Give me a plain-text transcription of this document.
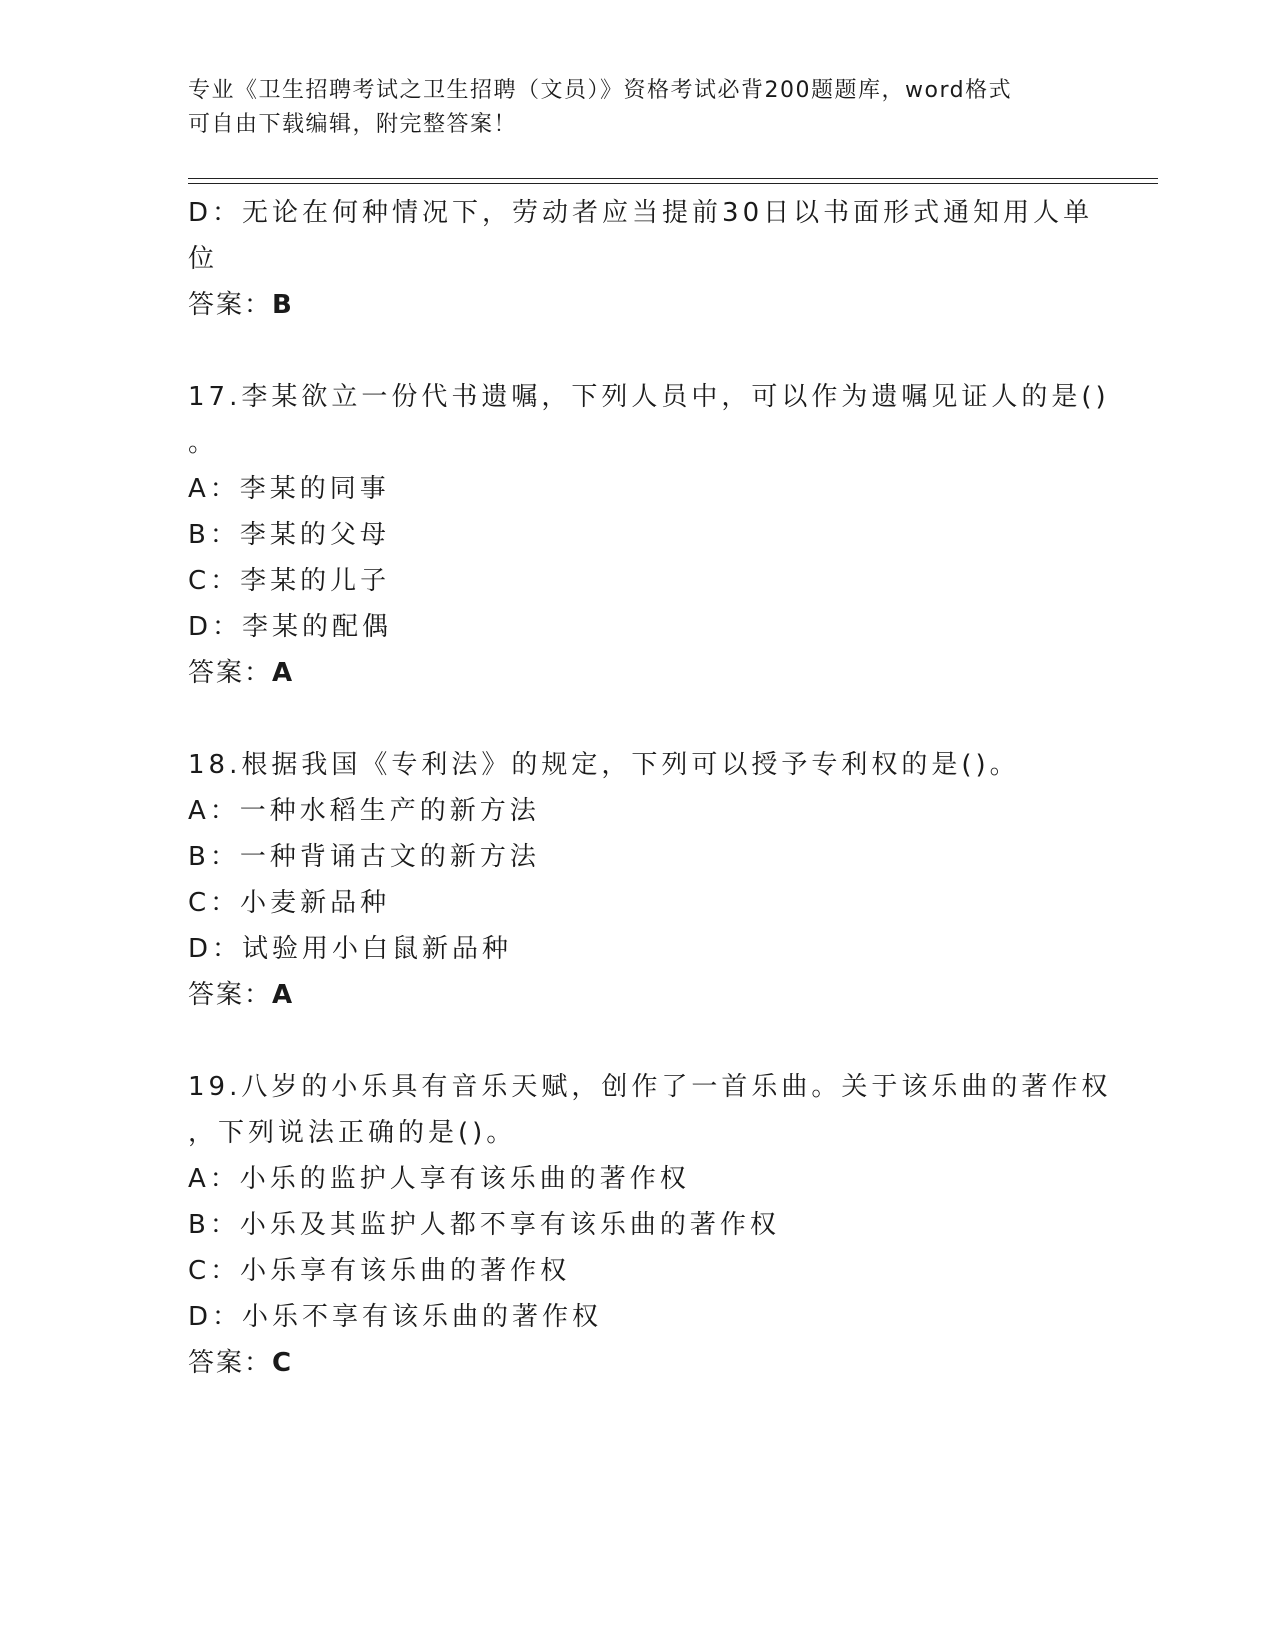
专业《卫生招聘考试之卫生招聘（文员）》资格考试必背200题题库，word格式
可自由下载编辑，附完整答案！
D：无论在何种情况下，劳动者应当提前30日以书面形式通知用人单
位
答案：B
17.李某欲立一份代书遗嘱，下列人员中，可以作为遗嘱见证人的是()
。
A：李某的同事
B：李某的父母
C：李某的儿子
D：李某的配偶
答案：A
18.根据我国《专利法》的规定，下列可以授予专利权的是()。
A：一种水稻生产的新方法
B：一种背诵古文的新方法
C：小麦新品种
D：试验用小白鼠新品种
答案：A
19.八岁的小乐具有音乐天赋，创作了一首乐曲。关于该乐曲的著作权
，下列说法正确的是()。
A：小乐的监护人享有该乐曲的著作权
B：小乐及其监护人都不享有该乐曲的著作权
C：小乐享有该乐曲的著作权
D：小乐不享有该乐曲的著作权
答案：C
